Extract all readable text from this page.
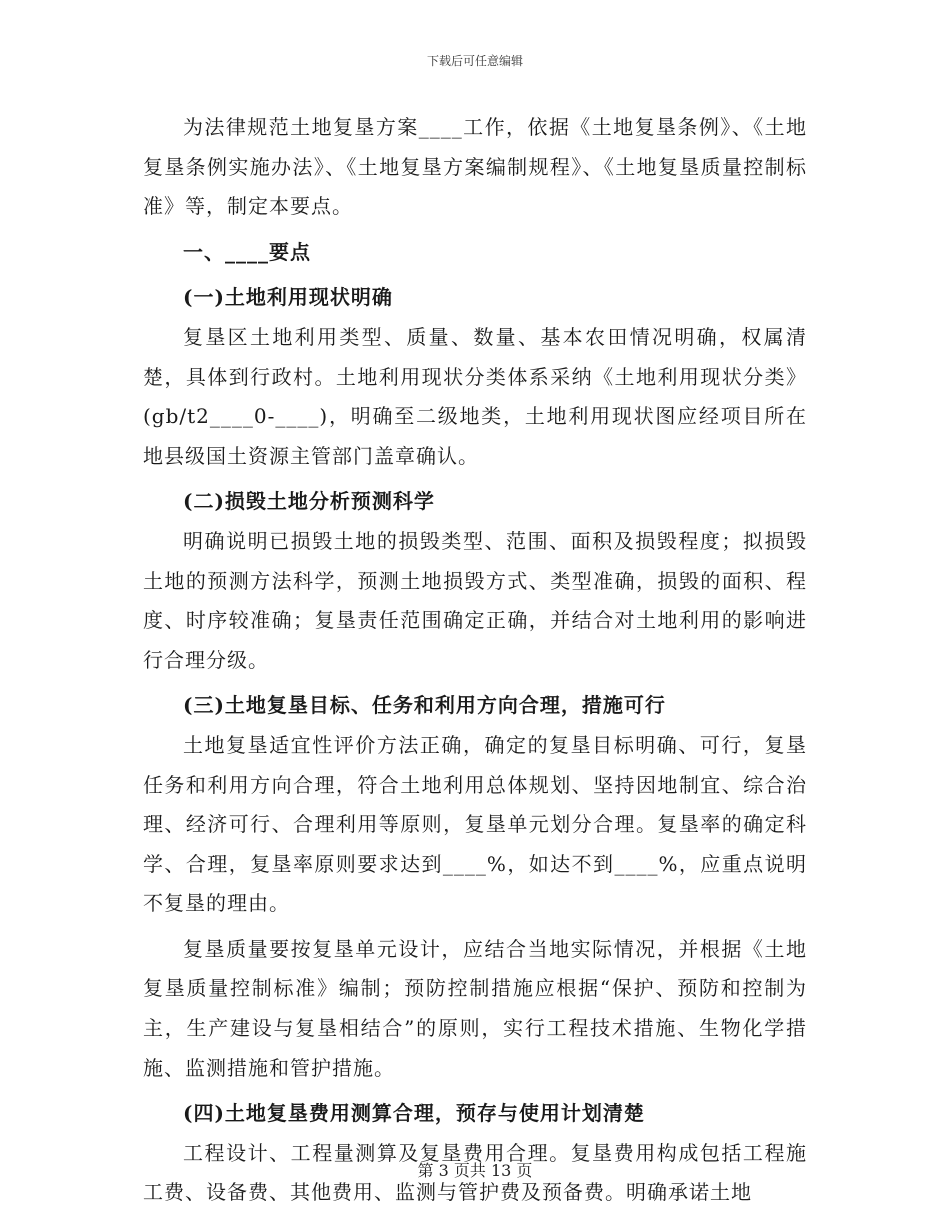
下载后可任意编辑

为法律规范土地复垦方案____工作，依据《土地复垦条例》、《土地复垦条例实施办法》、《土地复垦方案编制规程》、《土地复垦质量控制标准》等，制定本要点。

一、____要点

(一)土地利用现状明确

复垦区土地利用类型、质量、数量、基本农田情况明确，权属清楚，具体到行政村。土地利用现状分类体系采纳《土地利用现状分类》(gb/t2____0-____)，明确至二级地类，土地利用现状图应经项目所在地县级国土资源主管部门盖章确认。

(二)损毁土地分析预测科学

明确说明已损毁土地的损毁类型、范围、面积及损毁程度；拟损毁土地的预测方法科学，预测土地损毁方式、类型准确，损毁的面积、程度、时序较准确；复垦责任范围确定正确，并结合对土地利用的影响进行合理分级。

(三)土地复垦目标、任务和利用方向合理，措施可行

土地复垦适宜性评价方法正确，确定的复垦目标明确、可行，复垦任务和利用方向合理，符合土地利用总体规划、坚持因地制宜、综合治理、经济可行、合理利用等原则，复垦单元划分合理。复垦率的确定科学、合理，复垦率原则要求达到____%，如达不到____%，应重点说明不复垦的理由。

复垦质量要按复垦单元设计，应结合当地实际情况，并根据《土地复垦质量控制标准》编制；预防控制措施应根据“保护、预防和控制为主，生产建设与复垦相结合”的原则，实行工程技术措施、生物化学措施、监测措施和管护措施。

(四)土地复垦费用测算合理，预存与使用计划清楚

工程设计、工程量测算及复垦费用合理。复垦费用构成包括工程施工费、设备费、其他费用、监测与管护费及预备费。明确承诺土地

第 3 页共 13 页
